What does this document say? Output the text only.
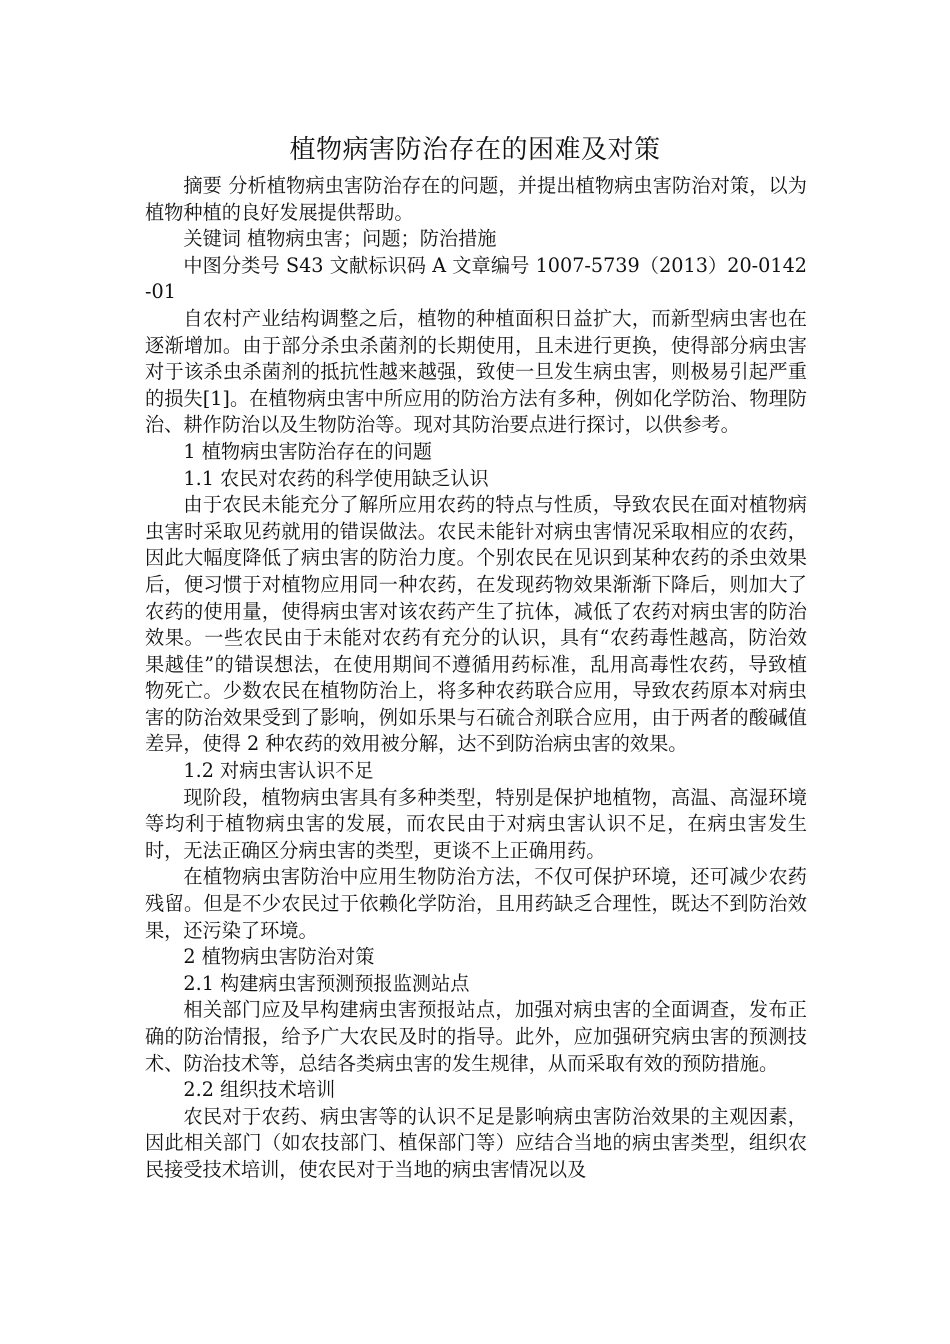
植物病害防治存在的困难及对策

摘要 分析植物病虫害防治存在的问题，并提出植物病虫害防治对策，以为植物种植的良好发展提供帮助。

关键词 植物病虫害；问题；防治措施

中图分类号 S43 文献标识码 A 文章编号 1007-5739（2013）20-0142-01

自农村产业结构调整之后，植物的种植面积日益扩大，而新型病虫害也在逐渐增加。由于部分杀虫杀菌剂的长期使用，且未进行更换，使得部分病虫害对于该杀虫杀菌剂的抵抗性越来越强，致使一旦发生病虫害，则极易引起严重的损失[1]。在植物病虫害中所应用的防治方法有多种，例如化学防治、物理防治、耕作防治以及生物防治等。现对其防治要点进行探讨，以供参考。

1 植物病虫害防治存在的问题

1.1 农民对农药的科学使用缺乏认识

由于农民未能充分了解所应用农药的特点与性质，导致农民在面对植物病虫害时采取见药就用的错误做法。农民未能针对病虫害情况采取相应的农药，因此大幅度降低了病虫害的防治力度。个别农民在见识到某种农药的杀虫效果后，便习惯于对植物应用同一种农药，在发现药物效果渐渐下降后，则加大了农药的使用量，使得病虫害对该农药产生了抗体，减低了农药对病虫害的防治效果。一些农民由于未能对农药有充分的认识，具有“农药毒性越高，防治效果越佳”的错误想法，在使用期间不遵循用药标准，乱用高毒性农药，导致植物死亡。少数农民在植物防治上，将多种农药联合应用，导致农药原本对病虫害的防治效果受到了影响，例如乐果与石硫合剂联合应用，由于两者的酸碱值差异，使得 2 种农药的效用被分解，达不到防治病虫害的效果。

1.2 对病虫害认识不足

现阶段，植物病虫害具有多种类型，特别是保护地植物，高温、高湿环境等均利于植物病虫害的发展，而农民由于对病虫害认识不足，在病虫害发生时，无法正确区分病虫害的类型，更谈不上正确用药。

在植物病虫害防治中应用生物防治方法，不仅可保护环境，还可减少农药残留。但是不少农民过于依赖化学防治，且用药缺乏合理性，既达不到防治效果，还污染了环境。

2 植物病虫害防治对策

2.1 构建病虫害预测预报监测站点

相关部门应及早构建病虫害预报站点，加强对病虫害的全面调查，发布正确的防治情报，给予广大农民及时的指导。此外，应加强研究病虫害的预测技术、防治技术等，总结各类病虫害的发生规律，从而采取有效的预防措施。

2.2 组织技术培训

农民对于农药、病虫害等的认识不足是影响病虫害防治效果的主观因素，因此相关部门（如农技部门、植保部门等）应结合当地的病虫害类型，组织农民接受技术培训，使农民对于当地的病虫害情况以及
